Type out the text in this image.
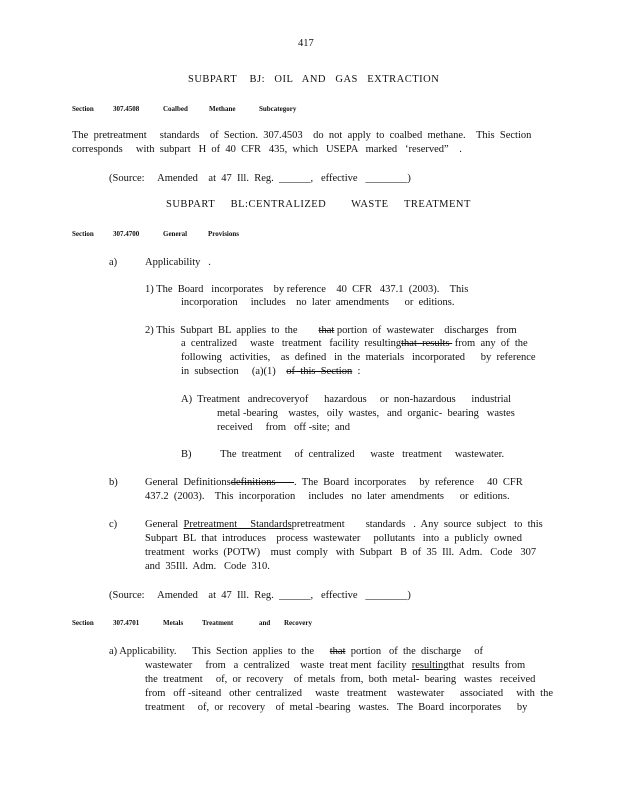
417
SUBPART    BJ:   OIL   AND   GAS   EXTRACTION
Section	307.4508	Coalbed	Methane	Subcategory
The  pretreatment     standards    of  Section.  307.4503    do  not  apply  to  coalbed  methane.    This  Section
corresponds     with  subpart   H  of  40  CFR   435,  which   USEPA   marked   ‘reserved”    .
(Source:     Amended    at  47  Ill.  Reg.  ______,   effective   ________)
SUBPART     BL:CENTRALIZED        WASTE     TREATMENT
Section	307.4700	General	Provisions
a)	Applicability   .
1) The  Board   incorporates    by reference    40  CFR   437.1  (2003).    This
incorporation     includes    no  later  amendments      or  editions.
2) This  Subpart  BL  applies  to  the        that portion  of  wastewater    discharges   from
a  centralized     waste   treatment   facility  resultingthat  results  from  any  of  the
following   activities,    as  defined   in  the  materials   incorporated      by  reference
in  subsection     (a)(1)    of  this  Section  :
A)  Treatment   andrecoveryof      hazardous     or  non-hazardous      industrial
metal -bearing    wastes,   oily  wastes,   and  organic-  bearing   wastes
received     from   off -site;  and
B)           The  treatment     of  centralized      waste   treatment     wastewater.
b)	General  Definitionsdefinitions       .  The  Board  incorporates     by  reference     40  CFR
437.2  (2003).    This  incorporation     includes   no  later  amendments      or  editions.
c)	General  Pretreatment     Standardspretreatment        standards   .  Any  source  subject   to  this
Subpart  BL  that  introduces    process  wastewater     pollutants   into  a  publicly  owned
treatment   works  (POTW)    must  comply   with  Subpart   B  of  35  Ill.  Adm.   Code   307
and  35Ill.  Adm.   Code  310.
(Source:     Amended    at  47  Ill.  Reg.  ______,   effective   ________)
Section	307.4701	Metals	Treatment	and Recovery
a) Applicability.      This  Section  applies  to  the      that  portion   of  the  discharge     of
wastewater     from   a  centralized    waste  treat ment  facility  resultingthat   results  from
the  treatment     of,  or  recovery    of  metals  from,  both  metal-  bearing   wastes   received
from   off -siteand   other  centralized     waste   treatment    wastewater      associated     with  the
treatment     of,  or  recovery    of  metal -bearing   wastes.   The  Board  incorporates      by
